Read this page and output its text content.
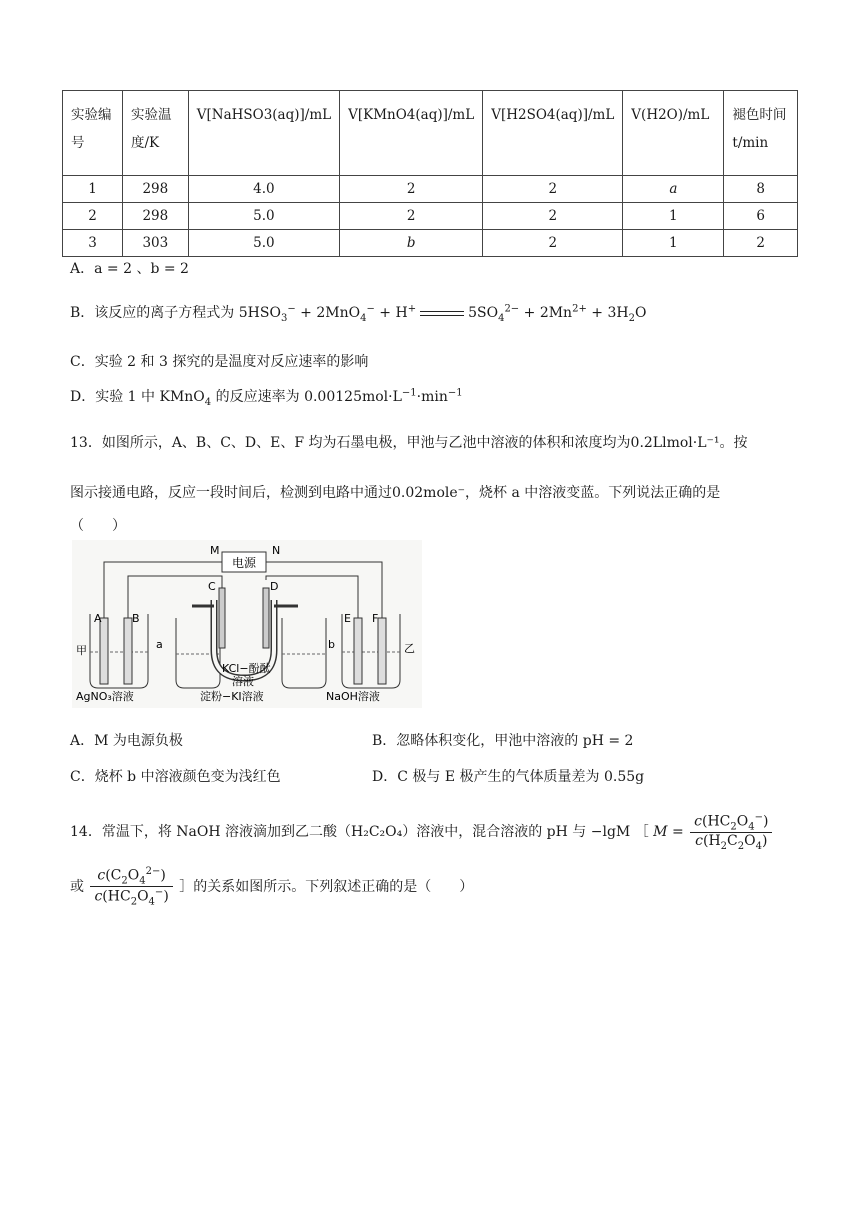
实验编号	实验温度/K	V[NaHSO3(aq)]/mL	V[KMnO4(aq)]/mL	V[H2SO4(aq)]/mL	V(H2O)/mL	褪色时间 t/min
1	298	4.0	2	2	a	8
2	298	5.0	2	2	1	6
3	303	5.0	b	2	1	2
A．a = 2 、b = 2
B．该反应的离子方程式为 $5HSO_3^- + 2MnO_4^- + H^+$	$5SO_4^{2-} + 2Mn^{2+} + 3H_2O$
C．实验 2 和 3 探究的是温度对反应速率的影响
D．实验 1 中 KMnO$_4$ 的反应速率为 $0.00125mol\cdot L^{-1}\cdot\min^{-1}$
13．如图所示，A、B、C、D、E、F 均为石墨电极，甲池与乙池中溶液的体积和浓度均为0.2Llmol·L⁻¹。按
图示接通电路，反应一段时间后，检测到电路中通过0.02mole⁻，烧杯 a 中溶液变蓝。下列说法正确的是
（　　）
电源
M	N
A	B
甲
AgNO₃溶液
a
C	D
KCl−酚酞
溶液
淀粉−KI溶液
b
E F
乙
NaOH溶液
A．M 为电源负极	B．忽略体积变化，甲池中溶液的 pH = 2
C．烧杯 b 中溶液颜色变为浅红色	D．C 极与 E 极产生的气体质量差为 0.55g
14．常温下，将 NaOH 溶液滴加到乙二酸（H₂C₂O₄）溶液中，混合溶液的 pH 与 −lgM ［ $M = \frac{c(HC_2O_4^-)}{c(H_2C_2O_4)}$
或 $\frac{c(C_2O_4^{2-})}{c(HC_2O_4^-)}$ ］的关系如图所示。下列叙述正确的是（　　）
